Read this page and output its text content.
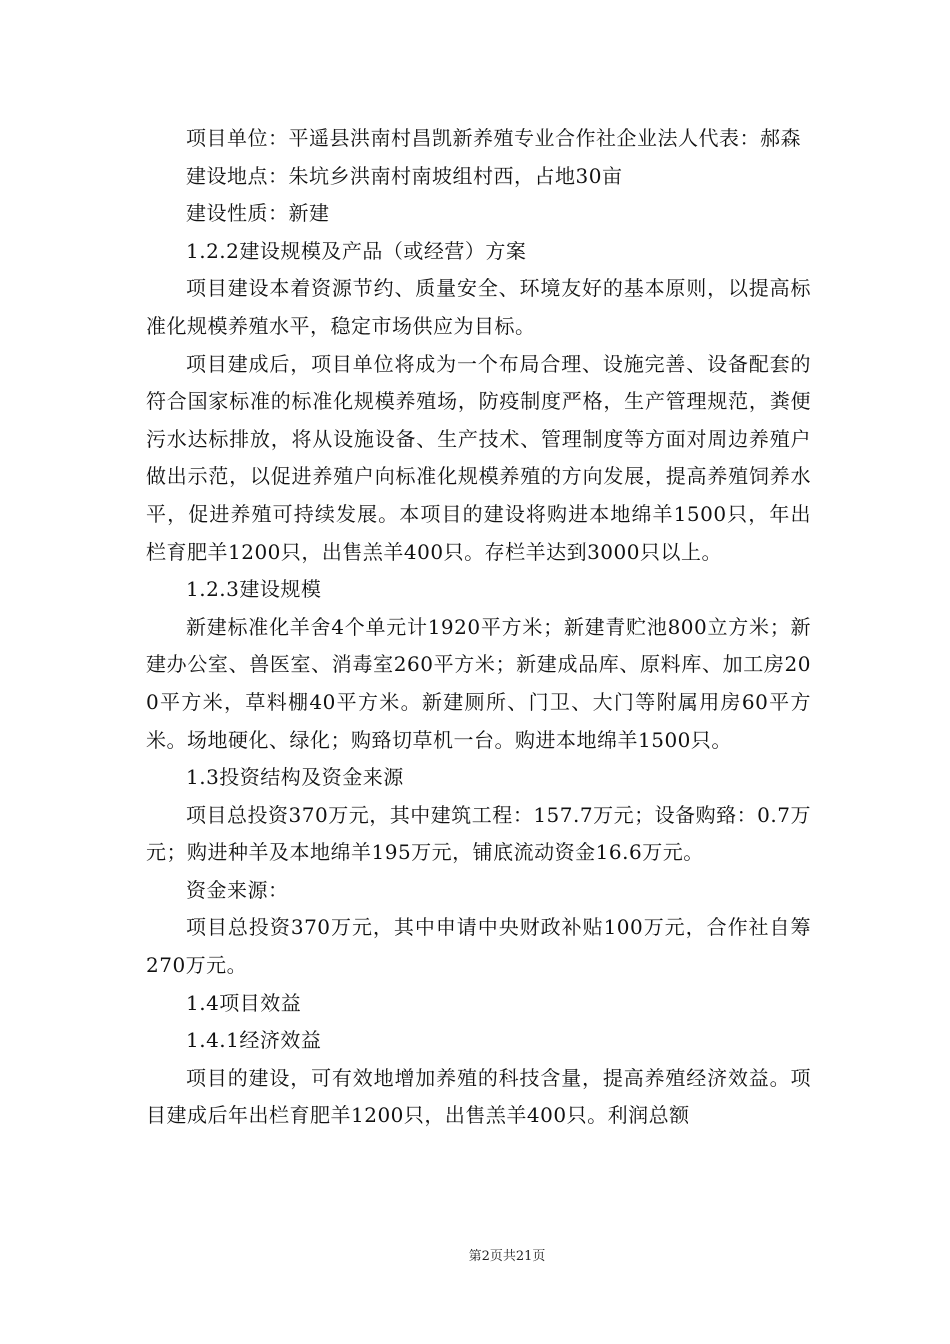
项目单位：平遥县洪南村昌凯新养殖专业合作社企业法人代表：郝森

建设地点：朱坑乡洪南村南坡组村西，占地30亩

建设性质：新建

1.2.2建设规模及产品（或经营）方案

项目建设本着资源节约、质量安全、环境友好的基本原则，以提高标准化规模养殖水平，稳定市场供应为目标。

项目建成后，项目单位将成为一个布局合理、设施完善、设备配套的符合国家标准的标准化规模养殖场，防疫制度严格，生产管理规范，粪便污水达标排放，将从设施设备、生产技术、管理制度等方面对周边养殖户做出示范，以促进养殖户向标准化规模养殖的方向发展，提高养殖饲养水平，促进养殖可持续发展。本项目的建设将购进本地绵羊1500只，年出栏育肥羊1200只，出售羔羊400只。存栏羊达到3000只以上。

1.2.3建设规模

新建标准化羊舍4个单元计1920平方米；新建青贮池800立方米；新建办公室、兽医室、消毒室260平方米；新建成品库、原料库、加工房200平方米，草料棚40平方米。新建厕所、门卫、大门等附属用房60平方米。场地硬化、绿化；购臵切草机一台。购进本地绵羊1500只。

1.3投资结构及资金来源

项目总投资370万元，其中建筑工程：157.7万元；设备购臵：0.7万元；购进种羊及本地绵羊195万元，铺底流动资金16.6万元。

资金来源：

项目总投资370万元，其中申请中央财政补贴100万元，合作社自筹270万元。

1.4项目效益

1.4.1经济效益

项目的建设，可有效地增加养殖的科技含量，提高养殖经济效益。项目建成后年出栏育肥羊1200只，出售羔羊400只。利润总额

第2页共21页
